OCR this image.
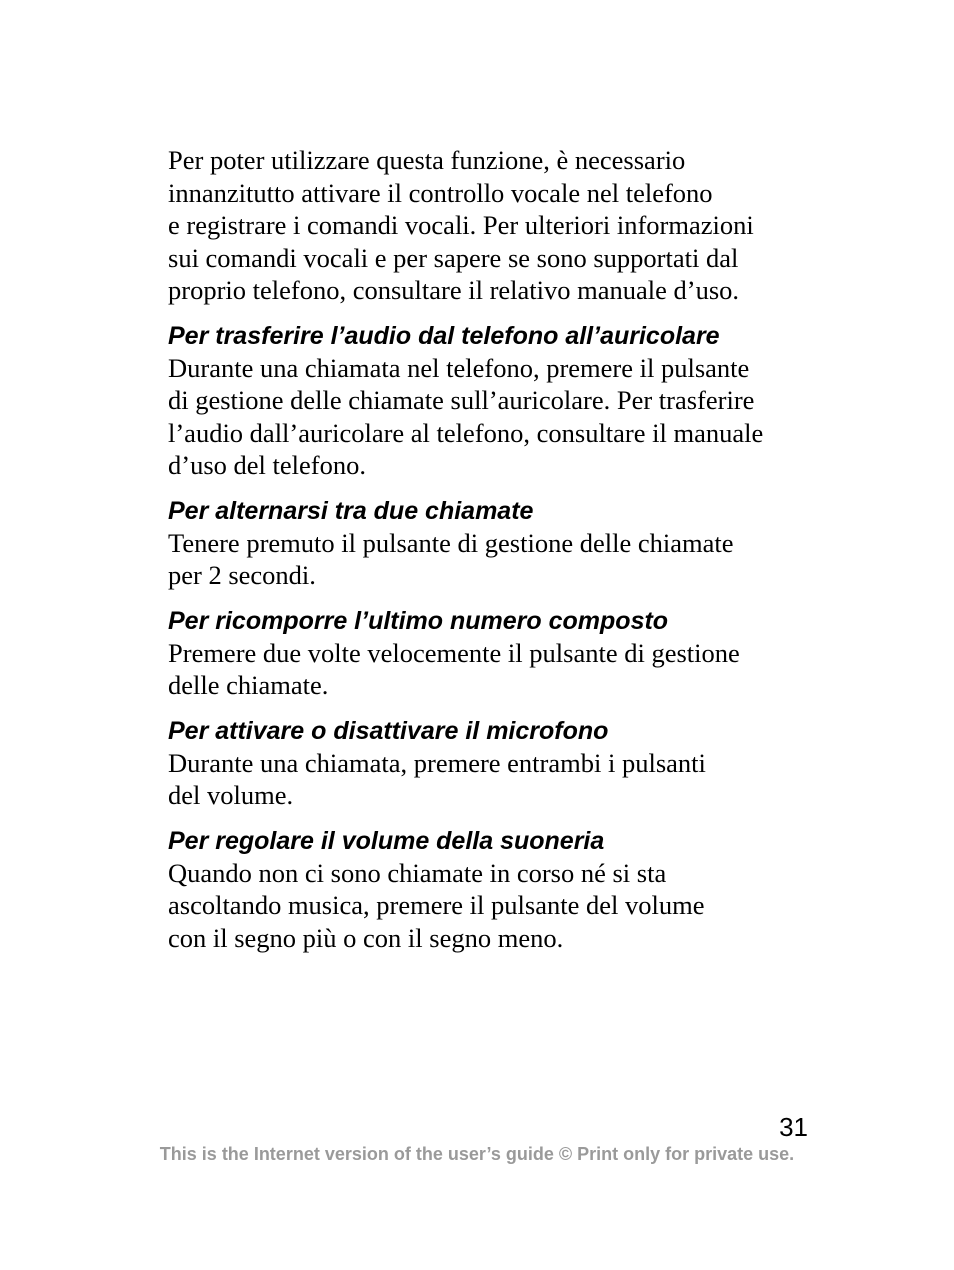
Per poter utilizzare questa funzione, è necessario
innanzitutto attivare il controllo vocale nel telefono
e registrare i comandi vocali. Per ulteriori informazioni
sui comandi vocali e per sapere se sono supportati dal
proprio telefono, consultare il relativo manuale d’uso.

Per trasferire l’audio dal telefono all’auricolare

Durante una chiamata nel telefono, premere il pulsante
di gestione delle chiamate sull’auricolare. Per trasferire
l’audio dall’auricolare al telefono, consultare il manuale
d’uso del telefono.

Per alternarsi tra due chiamate

Tenere premuto il pulsante di gestione delle chiamate
per 2 secondi.

Per ricomporre l’ultimo numero composto

Premere due volte velocemente il pulsante di gestione
delle chiamate.

Per attivare o disattivare il microfono

Durante una chiamata, premere entrambi i pulsanti
del volume.

Per regolare il volume della suoneria

Quando non ci sono chiamate in corso né si sta
ascoltando musica, premere il pulsante del volume
con il segno più o con il segno meno.

31
This is the Internet version of the user’s guide © Print only for private use.
